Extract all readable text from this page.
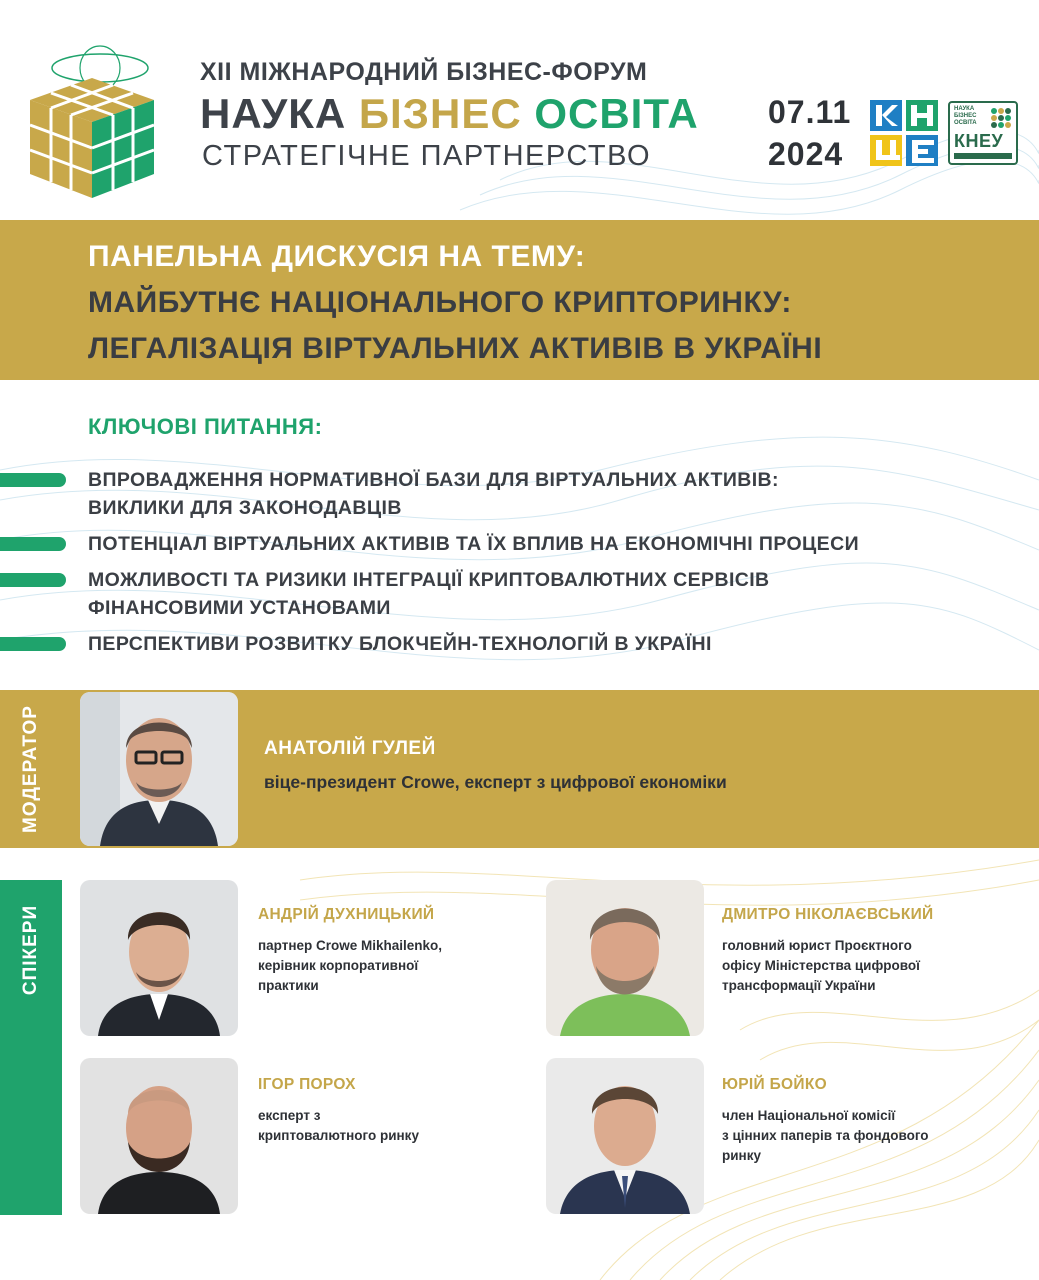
XII МІЖНАРОДНИЙ БІЗНЕС-ФОРУМ
НАУКА БІЗНЕС ОСВІТА
СТРАТЕГІЧНЕ ПАРТНЕРСТВО
07.11
2024
НАУКА БІЗНЕС ОСВІТА
КНЕУ
ПАНЕЛЬНА ДИСКУСІЯ НА ТЕМУ:
МАЙБУТНЄ НАЦІОНАЛЬНОГО КРИПТОРИНКУ:
ЛЕГАЛІЗАЦІЯ ВІРТУАЛЬНИХ АКТИВІВ В УКРАЇНІ
КЛЮЧОВІ ПИТАННЯ:
ВПРОВАДЖЕННЯ НОРМАТИВНОЇ БАЗИ ДЛЯ ВІРТУАЛЬНИХ АКТИВІВ:
ВИКЛИКИ ДЛЯ ЗАКОНОДАВЦІВ
ПОТЕНЦІАЛ ВІРТУАЛЬНИХ АКТИВІВ ТА ЇХ ВПЛИВ НА ЕКОНОМІЧНІ ПРОЦЕСИ
МОЖЛИВОСТІ ТА РИЗИКИ ІНТЕГРАЦІЇ КРИПТОВАЛЮТНИХ СЕРВІСІВ
ФІНАНСОВИМИ УСТАНОВАМИ
ПЕРСПЕКТИВИ РОЗВИТКУ БЛОКЧЕЙН-ТЕХНОЛОГІЙ В УКРАЇНІ
МОДЕРАТОР	АНАТОЛІЙ ГУЛЕЙ
віце-президент Crowe, експерт з цифрової економіки
СПІКЕРИ	АНДРІЙ ДУХНИЦЬКИЙ
партнер Crowe Mikhailenko,
керівник корпоративної
практики
ДМИТРО НІКОЛАЄВСЬКИЙ
головний юрист Проєктного
офісу Міністерства цифрової
трансформації України
ІГОР ПОРОХ
експерт з
криптовалютного ринку
ЮРІЙ БОЙКО
член Національної комісії
з цінних паперів та фондового
ринку
